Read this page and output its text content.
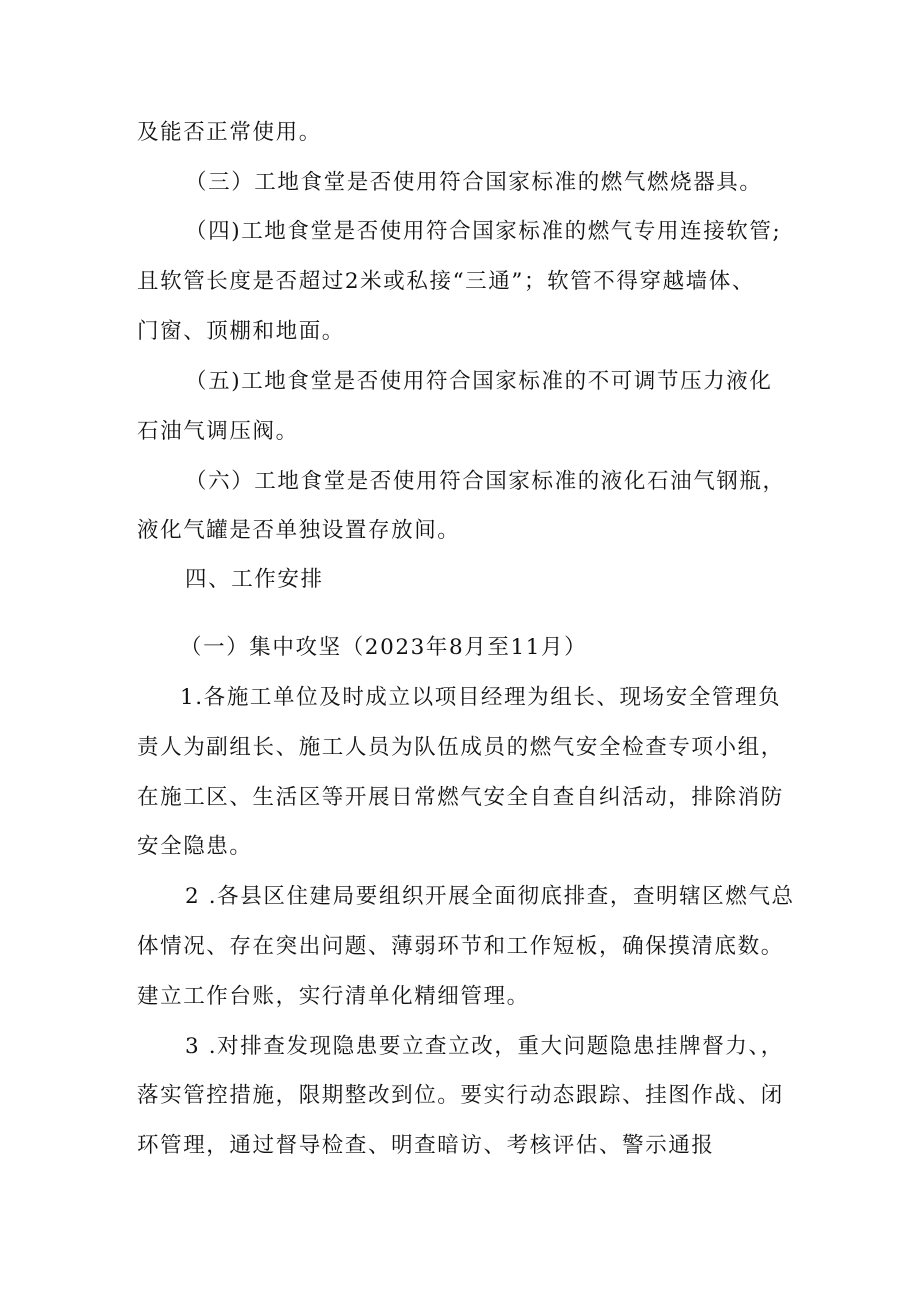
及能否正常使用。
（三）工地食堂是否使用符合国家标准的燃气燃烧器具。
（四)工地食堂是否使用符合国家标准的燃气专用连接软管;
且软管长度是否超过2米或私接“三通”；软管不得穿越墙体、
门窗、顶棚和地面。
（五)工地食堂是否使用符合国家标准的不可调节压力液化
石油气调压阀。
（六）工地食堂是否使用符合国家标准的液化石油气钢瓶，
液化气罐是否单独设置存放间。
四、工作安排
（一）集中攻坚（2023年8月至11月）
1.各施工单位及时成立以项目经理为组长、现场安全管理负
责人为副组长、施工人员为队伍成员的燃气安全检查专项小组，
在施工区、生活区等开展日常燃气安全自查自纠活动，排除消防
安全隐患。
2 .各县区住建局要组织开展全面彻底排查，查明辖区燃气总
体情况、存在突出问题、薄弱环节和工作短板，确保摸清底数。
建立工作台账，实行清单化精细管理。
3 .对排查发现隐患要立查立改，重大问题隐患挂牌督力、，
落实管控措施，限期整改到位。要实行动态跟踪、挂图作战、闭
环管理，通过督导检查、明查暗访、考核评估、警示通报
